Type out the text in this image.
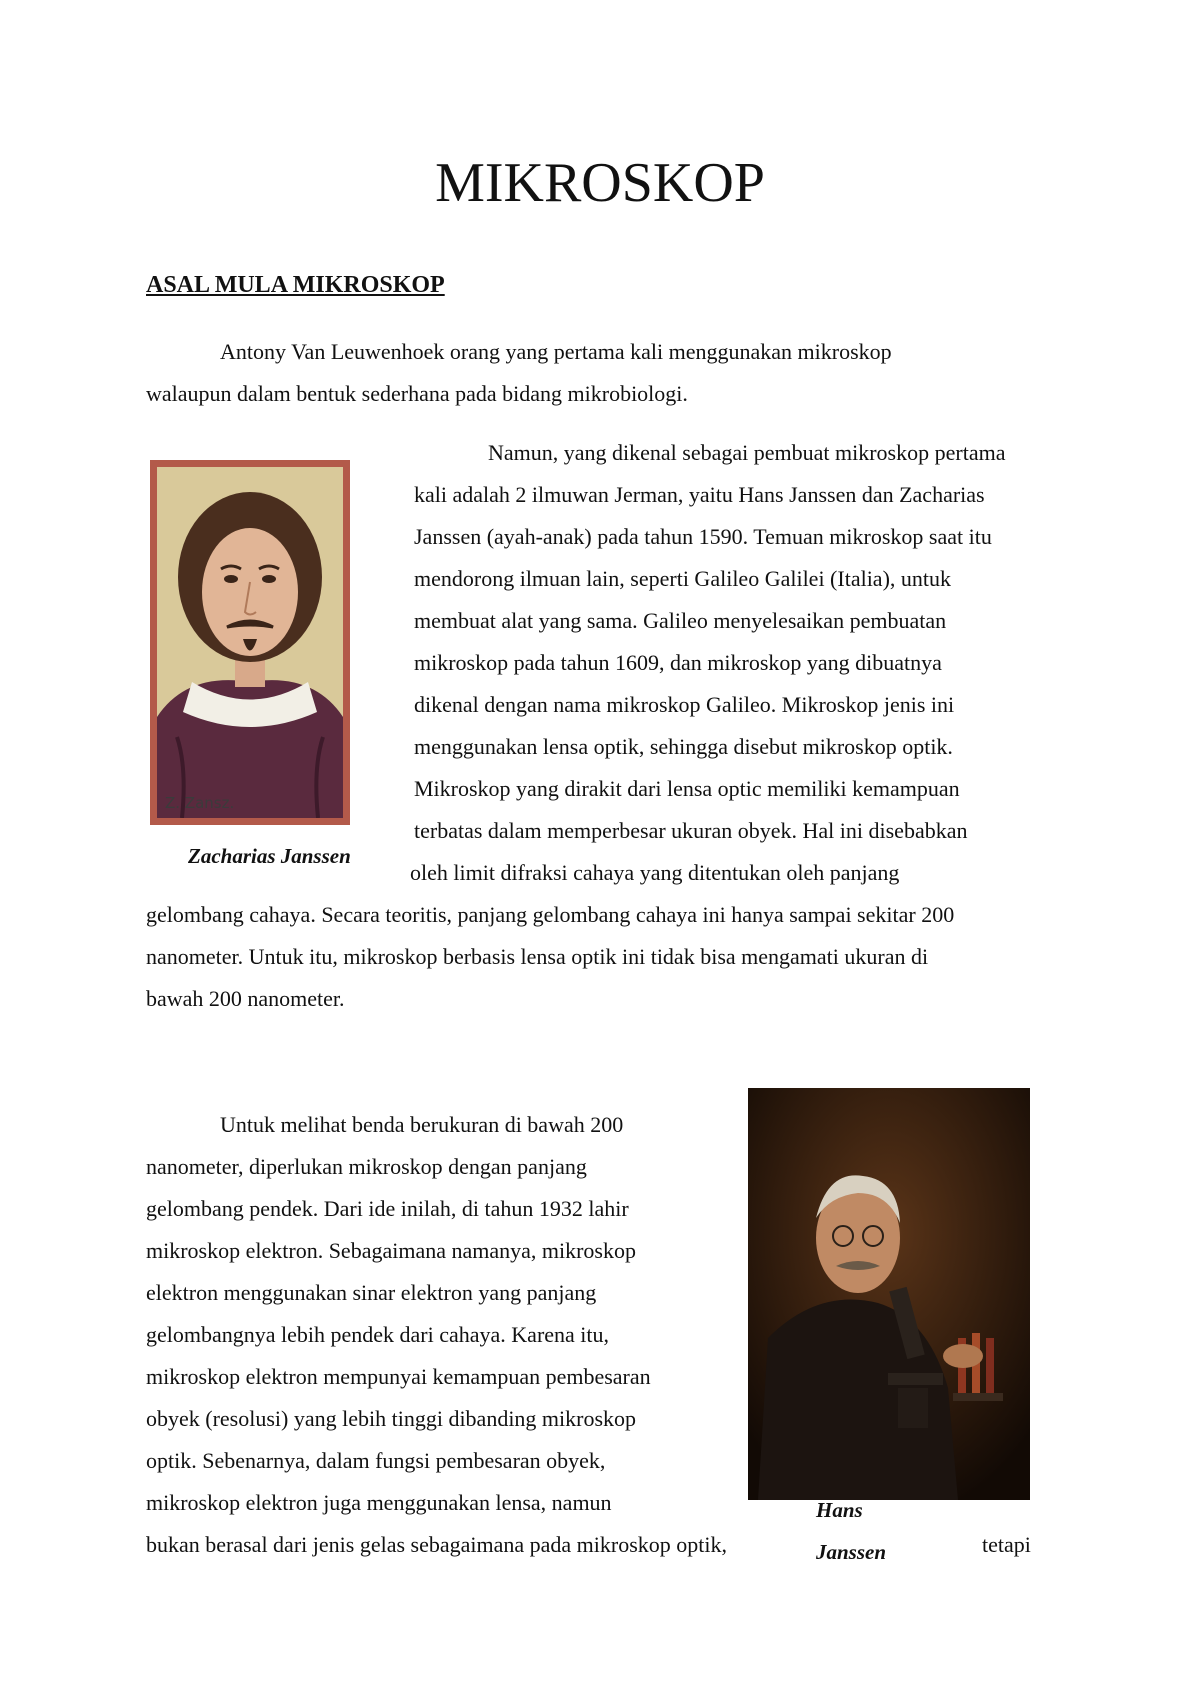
MIKROSKOP
ASAL MULA MIKROSKOP
Antony Van Leuwenhoek orang yang pertama kali menggunakan mikroskop
walaupun dalam bentuk sederhana pada bidang mikrobiologi.
Z. Zansz.
Zacharias Janssen
Namun, yang dikenal sebagai pembuat mikroskop pertama
kali adalah 2 ilmuwan Jerman, yaitu Hans Janssen dan Zacharias
Janssen (ayah-anak) pada tahun 1590. Temuan mikroskop saat itu
mendorong ilmuan lain, seperti Galileo Galilei (Italia), untuk
membuat alat yang sama. Galileo menyelesaikan pembuatan
mikroskop pada tahun 1609, dan mikroskop yang dibuatnya
dikenal dengan nama mikroskop Galileo. Mikroskop jenis ini
menggunakan lensa optik, sehingga disebut mikroskop optik.
Mikroskop yang dirakit dari lensa optic memiliki kemampuan
terbatas dalam memperbesar ukuran obyek. Hal ini disebabkan
oleh limit difraksi cahaya yang ditentukan oleh panjang
gelombang cahaya. Secara teoritis, panjang gelombang cahaya ini hanya sampai sekitar 200
nanometer. Untuk itu, mikroskop berbasis lensa optik ini tidak bisa mengamati ukuran di
bawah 200 nanometer.
Hans
Janssen
Untuk melihat benda berukuran di bawah 200
nanometer, diperlukan mikroskop dengan panjang
gelombang pendek. Dari ide inilah, di tahun 1932 lahir
mikroskop elektron. Sebagaimana namanya, mikroskop
elektron menggunakan sinar elektron yang panjang
gelombangnya lebih pendek dari cahaya. Karena itu,
mikroskop elektron mempunyai kemampuan pembesaran
obyek (resolusi) yang lebih tinggi dibanding mikroskop
optik. Sebenarnya, dalam fungsi pembesaran obyek,
mikroskop elektron juga menggunakan lensa, namun
bukan berasal dari jenis gelas sebagaimana pada mikroskop optik,	tetapi
